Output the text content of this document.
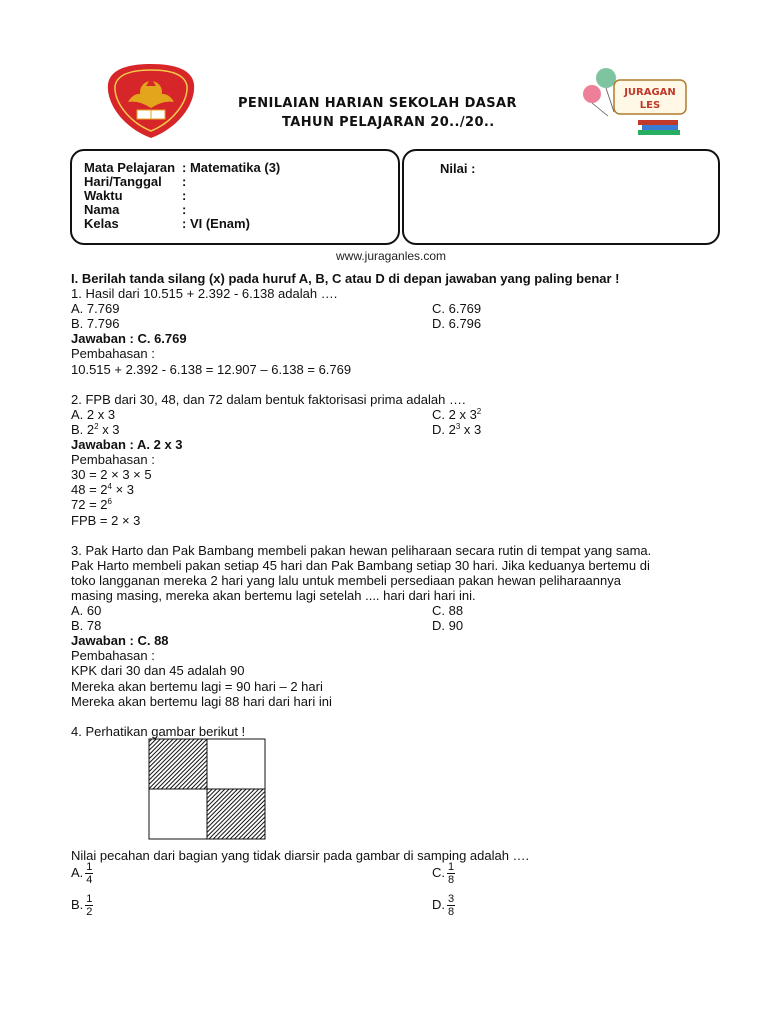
JURAGAN
LES
PENILAIAN HARIAN SEKOLAH DASAR
TAHUN PELAJARAN 20../20..
Mata Pelajaran : Matematika (3)
Hari/Tanggal :
Waktu	:
Nama	:
Kelas	: VI (Enam)
Nilai :
www.juraganles.com
I. Berilah tanda silang (x) pada huruf A, B, C atau D di depan jawaban yang paling benar !
1. Hasil dari 10.515 + 2.392 - 6.138 adalah ….
A. 7.769	C. 6.769
B. 7.796	D. 6.796
Jawaban : C. 6.769
Pembahasan :
10.515 + 2.392 - 6.138 = 12.907 – 6.138 = 6.769
2. FPB dari 30, 48, dan 72 dalam bentuk faktorisasi prima adalah ….
A. 2 x 3	C. 2 x $3^2$
B. $2^2$ x 3	D. $2^3$ x 3
Jawaban : A. 2 x 3
Pembahasan :
30 = 2 × 3 × 5
$48 = 2^4 \times 3$
$72 = 2^6$
FPB = 2 × 3
3. Pak Harto dan Pak Bambang membeli pakan hewan peliharaan secara rutin di tempat yang sama.
Pak Harto membeli pakan setiap 45 hari dan Pak Bambang setiap 30 hari. Jika keduanya bertemu di
toko langganan mereka 2 hari yang lalu untuk membeli persediaan pakan hewan peliharaannya
masing masing, mereka akan bertemu lagi setelah .... hari dari hari ini.
A. 60	C. 88
B. 78	D. 90
Jawaban : C. 88
Pembahasan :
KPK dari 30 dan 45 adalah 90
Mereka akan bertemu lagi = 90 hari – 2 hari
Mereka akan bertemu lagi 88 hari dari hari ini
4. Perhatikan gambar berikut !
Nilai pecahan dari bagian yang tidak diarsir pada gambar di samping adalah ….
A. $\frac{1}{4}$	C. $\frac{1}{8}$
B. $\frac{1}{2}$	D. $\frac{3}{8}$
